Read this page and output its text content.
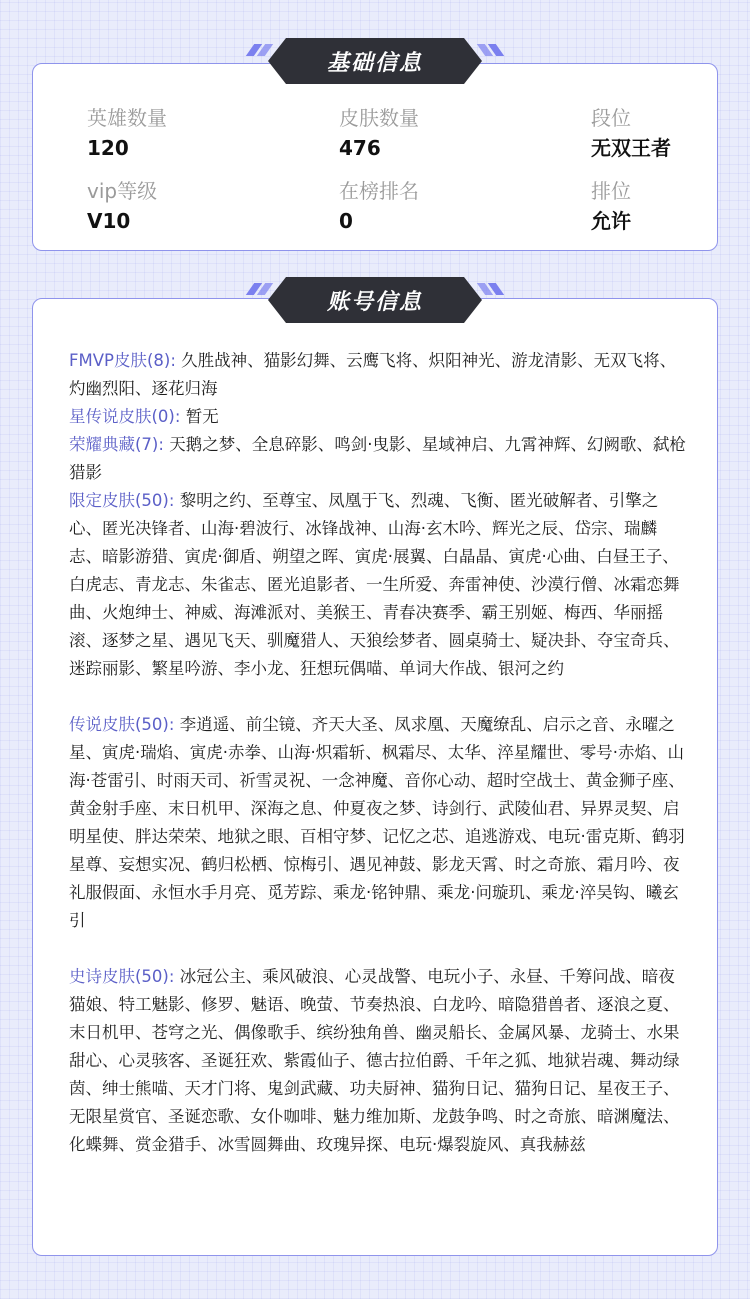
基础信息
英雄数量
120
皮肤数量
476
段位
无双王者
vip等级
V10
在榜排名
0
排位
允许
账号信息

FMVP皮肤(8): 久胜战神、猫影幻舞、云鹰飞将、炽阳神光、游龙清影、无双飞将、灼幽烈阳、逐花归海

星传说皮肤(0): 暂无

荣耀典藏(7): 天鹅之梦、全息碎影、鸣剑·曳影、星域神启、九霄神辉、幻阙歌、弑枪猎影

限定皮肤(50): 黎明之约、至尊宝、凤凰于飞、烈魂、飞衡、匿光破解者、引擎之心、匿光决锋者、山海·碧波行、冰锋战神、山海·玄木吟、辉光之辰、岱宗、瑞麟志、暗影游猎、寅虎·御盾、朔望之晖、寅虎·展翼、白晶晶、寅虎·心曲、白昼王子、白虎志、青龙志、朱雀志、匿光追影者、一生所爱、奔雷神使、沙漠行僧、冰霜恋舞曲、火炮绅士、神威、海滩派对、美猴王、青春决赛季、霸王别姬、梅西、华丽摇滚、逐梦之星、遇见飞天、驯魔猎人、天狼绘梦者、圆桌骑士、疑决卦、夺宝奇兵、迷踪丽影、繁星吟游、李小龙、狂想玩偶喵、单词大作战、银河之约

传说皮肤(50): 李逍遥、前尘镜、齐天大圣、凤求凰、天魔缭乱、启示之音、永曜之星、寅虎·瑞焰、寅虎·赤拳、山海·炽霜斩、枫霜尽、太华、淬星耀世、零号·赤焰、山海·苍雷引、时雨天司、祈雪灵祝、一念神魔、音你心动、超时空战士、黄金狮子座、黄金射手座、末日机甲、深海之息、仲夏夜之梦、诗剑行、武陵仙君、异界灵契、启明星使、胖达荣荣、地狱之眼、百相守梦、记忆之芯、追逃游戏、电玩·雷克斯、鹤羽星尊、妄想实况、鹤归松栖、惊梅引、遇见神鼓、影龙天霄、时之奇旅、霜月吟、夜礼服假面、永恒水手月亮、觅芳踪、乘龙·铭钟鼎、乘龙·问璇玑、乘龙·淬吴钩、曦玄引

史诗皮肤(50): 冰冠公主、乘风破浪、心灵战警、电玩小子、永昼、千筹问战、暗夜猫娘、特工魅影、修罗、魅语、晚萤、节奏热浪、白龙吟、暗隐猎兽者、逐浪之夏、末日机甲、苍穹之光、偶像歌手、缤纷独角兽、幽灵船长、金属风暴、龙骑士、水果甜心、心灵骇客、圣诞狂欢、紫霞仙子、德古拉伯爵、千年之狐、地狱岩魂、舞动绿茵、绅士熊喵、天才门将、鬼剑武藏、功夫厨神、猫狗日记、猫狗日记、星夜王子、无限星赏官、圣诞恋歌、女仆咖啡、魅力维加斯、龙鼓争鸣、时之奇旅、暗渊魔法、化蝶舞、赏金猎手、冰雪圆舞曲、玫瑰异探、电玩·爆裂旋风、真我赫兹
